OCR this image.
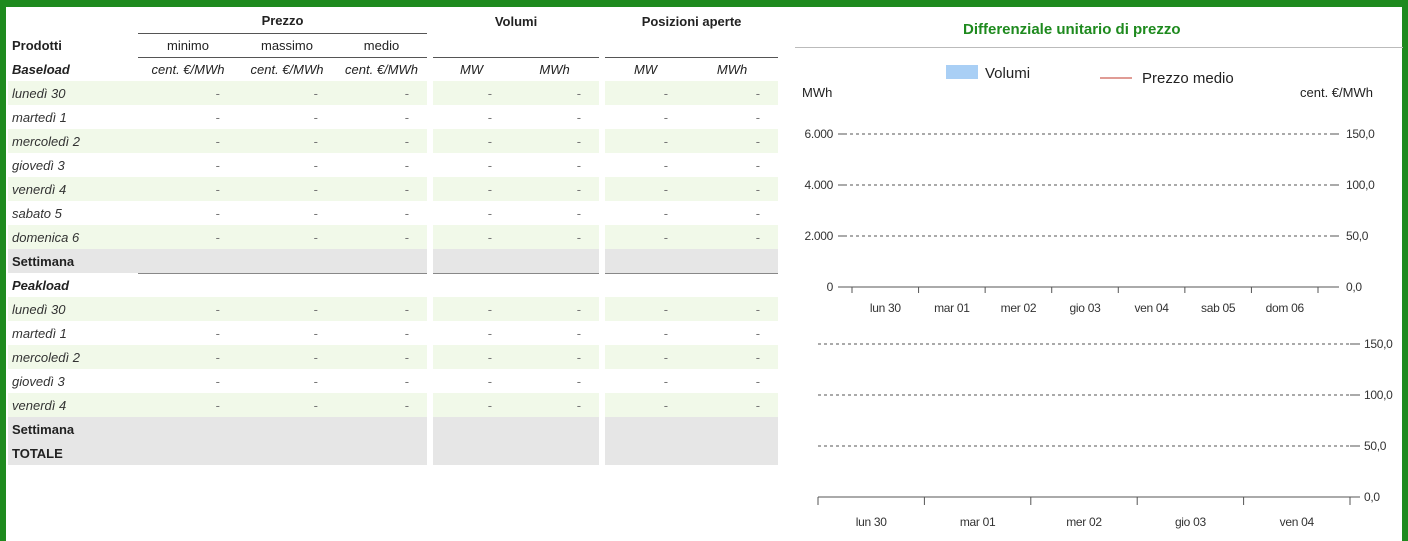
	Prezzo			Volumi		Posizioni aperte	
Prodotti	minimo	massimo	medio				
Baseload	cent. €/MWh	cent. €/MWh	cent. €/MWh	MW	MWh	MW	MWh
lunedì 30	-	-	-	-	-	-	-
martedì 1	-	-	-	-	-	-	-
mercoledì 2	-	-	-	-	-	-	-
giovedì 3	-	-	-	-	-	-	-
venerdì 4	-	-	-	-	-	-	-
sabato 5	-	-	-	-	-	-	-
domenica 6	-	-	-	-	-	-	-
Settimana							
Peakload							
lunedì 30	-	-	-	-	-	-	-
martedì 1	-	-	-	-	-	-	-
mercoledì 2	-	-	-	-	-	-	-
giovedì 3	-	-	-	-	-	-	-
venerdì 4	-	-	-	-	-	-	-
Settimana							
TOTALE							
Differenziale unitario di prezzo
MWh	cent. €/MWh
Volumi	Prezzo medio
0	0,0
2.000	50,0
4.000	100,0
6.000	150,0
lun 30	mar 01	mer 02	gio 03	ven 04	sab 05	dom 06
0,0
50,0
100,0
150,0
lun 30	mar 01	mer 02	gio 03	ven 04
